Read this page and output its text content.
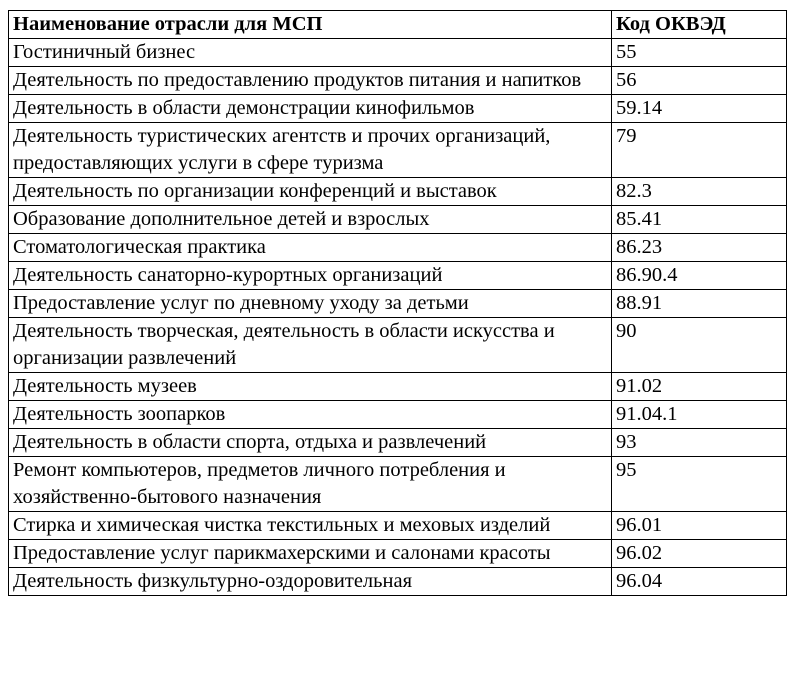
Наименование отрасли для МСП	Код ОКВЭД
Гостиничный бизнес	55
Деятельность по предоставлению продуктов питания и напитков	56
Деятельность в области демонстрации кинофильмов	59.14
Деятельность туристических агентств и прочих организаций, предоставляющих услуги в сфере туризма	79
Деятельность по организации конференций и выставок	82.3
Образование дополнительное детей и взрослых	85.41
Стоматологическая практика	86.23
Деятельность санаторно-курортных организаций	86.90.4
Предоставление услуг по дневному уходу за детьми	88.91
Деятельность творческая, деятельность в области искусства и организации развлечений	90
Деятельность музеев	91.02
Деятельность зоопарков	91.04.1
Деятельность в области спорта, отдыха и развлечений	93
Ремонт компьютеров, предметов личного потребления и хозяйственно-бытового назначения	95
Стирка и химическая чистка текстильных и меховых изделий	96.01
Предоставление услуг парикмахерскими и салонами красоты	96.02
Деятельность физкультурно-оздоровительная	96.04
